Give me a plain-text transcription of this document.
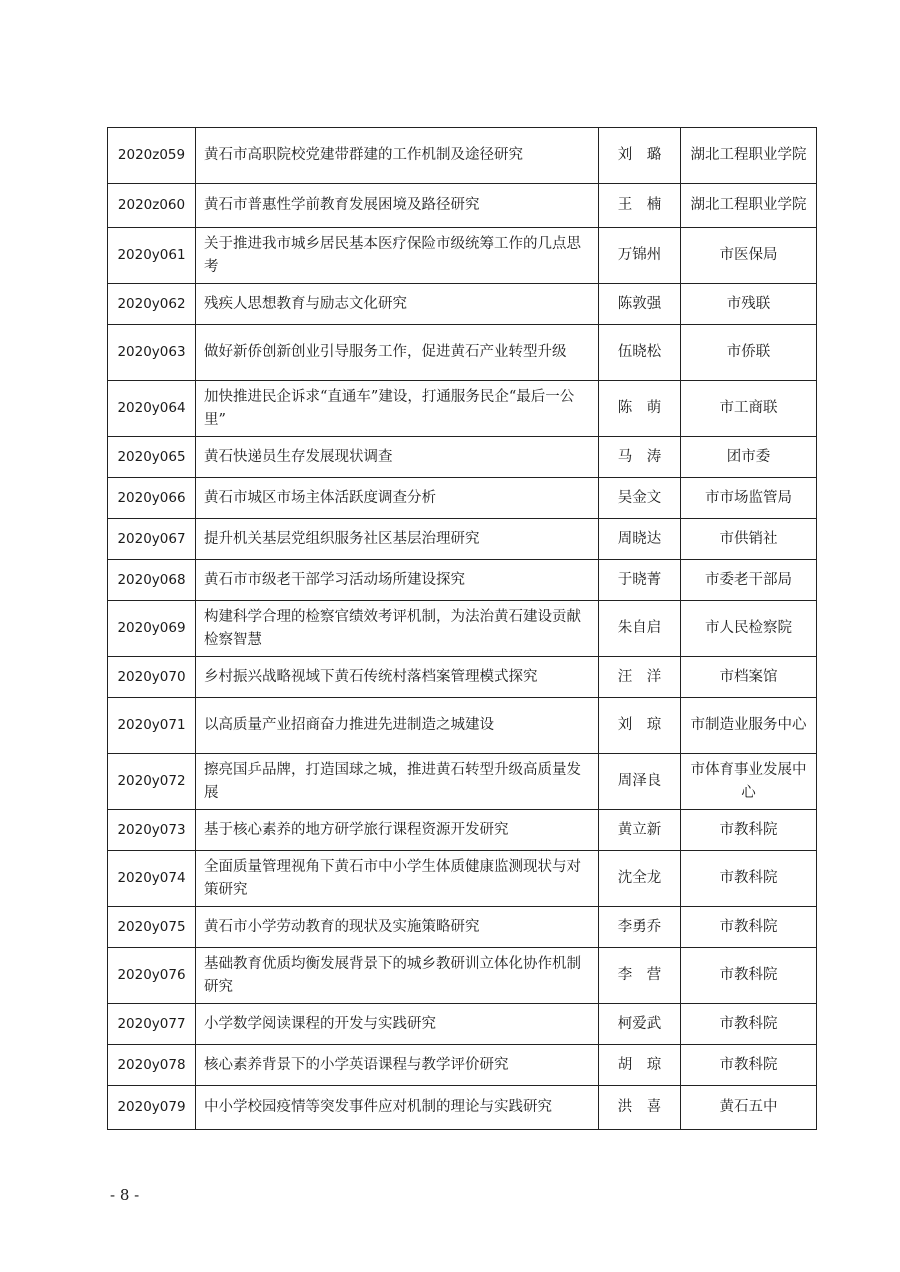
2020z059	黄石市高职院校党建带群建的工作机制及途径研究	刘　璐	湖北工程职业学院
2020z060	黄石市普惠性学前教育发展困境及路径研究	王　楠	湖北工程职业学院
2020y061	关于推进我市城乡居民基本医疗保险市级统筹工作的几点思考	万锦州	市医保局
2020y062	残疾人思想教育与励志文化研究	陈敦强	市残联
2020y063	做好新侨创新创业引导服务工作，促进黄石产业转型升级	伍晓松	市侨联
2020y064	加快推进民企诉求“直通车”建设，打通服务民企“最后一公里”	陈　萌	市工商联
2020y065	黄石快递员生存发展现状调查	马　涛	团市委
2020y066	黄石市城区市场主体活跃度调查分析	吴金文	市市场监管局
2020y067	提升机关基层党组织服务社区基层治理研究	周晓达	市供销社
2020y068	黄石市市级老干部学习活动场所建设探究	于晓菁	市委老干部局
2020y069	构建科学合理的检察官绩效考评机制，为法治黄石建设贡献检察智慧	朱自启	市人民检察院
2020y070	乡村振兴战略视域下黄石传统村落档案管理模式探究	汪　洋	市档案馆
2020y071	以高质量产业招商奋力推进先进制造之城建设	刘　琼	市制造业服务中心
2020y072	擦亮国乒品牌，打造国球之城，推进黄石转型升级高质量发展	周泽良	市体育事业发展中心
2020y073	基于核心素养的地方研学旅行课程资源开发研究	黄立新	市教科院
2020y074	全面质量管理视角下黄石市中小学生体质健康监测现状与对策研究	沈全龙	市教科院
2020y075	黄石市小学劳动教育的现状及实施策略研究	李勇乔	市教科院
2020y076	基础教育优质均衡发展背景下的城乡教研训立体化协作机制研究	李　营	市教科院
2020y077	小学数学阅读课程的开发与实践研究	柯爱武	市教科院
2020y078	核心素养背景下的小学英语课程与教学评价研究	胡　琼	市教科院
2020y079	中小学校园疫情等突发事件应对机制的理论与实践研究	洪　喜	黄石五中
- 8 -
